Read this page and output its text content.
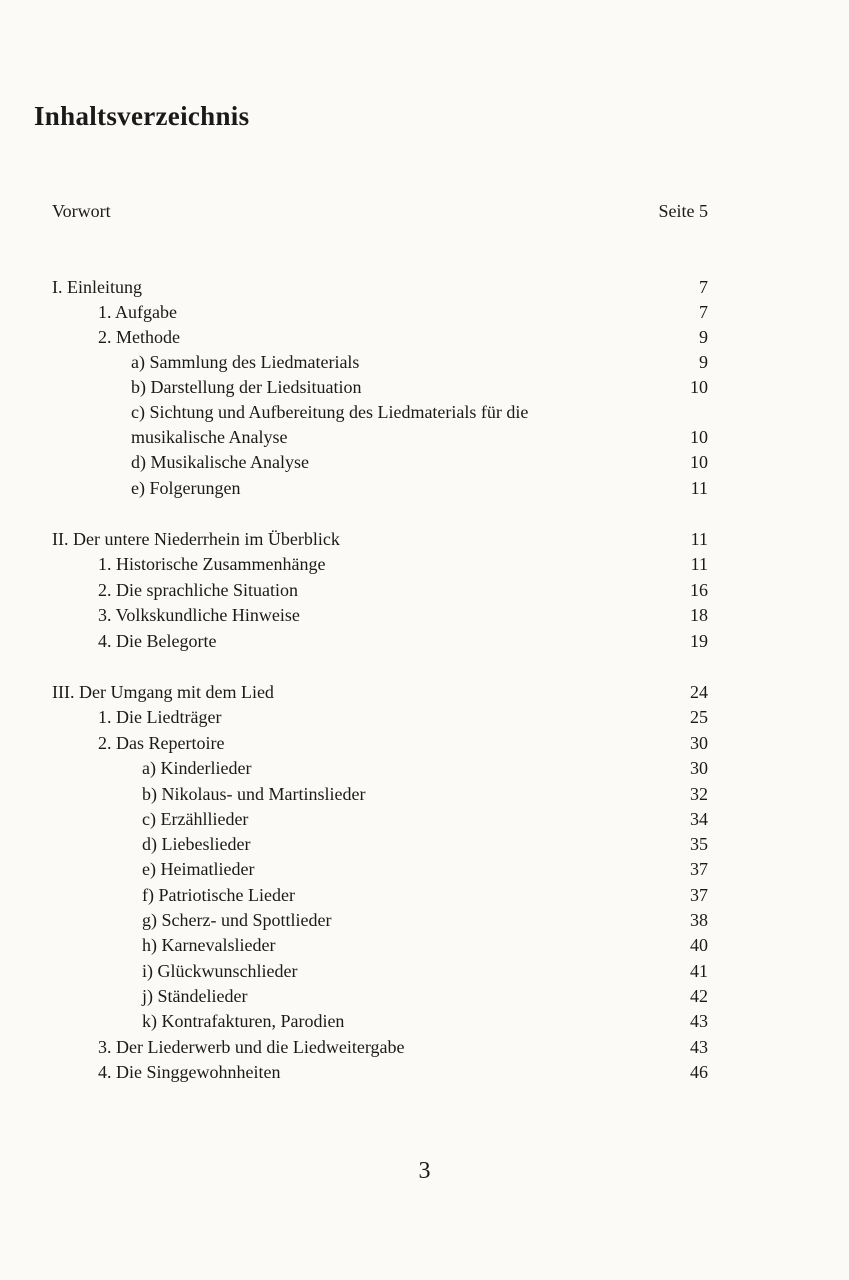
Inhaltsverzeichnis
Vorwort	Seite 5
I. Einleitung	7
1. Aufgabe	7
2. Methode	9
a) Sammlung des Liedmaterials	9
b) Darstellung der Liedsituation	10
c) Sichtung und Aufbereitung des Liedmaterials für die
musikalische Analyse	10
d) Musikalische Analyse	10
e) Folgerungen	11
II. Der untere Niederrhein im Überblick	11
1. Historische Zusammenhänge	11
2. Die sprachliche Situation	16
3. Volkskundliche Hinweise	18
4. Die Belegorte	19
III. Der Umgang mit dem Lied	24
1. Die Liedträger	25
2. Das Repertoire	30
a) Kinderlieder	30
b) Nikolaus- und Martinslieder	32
c) Erzähllieder	34
d) Liebeslieder	35
e) Heimatlieder	37
f) Patriotische Lieder	37
g) Scherz- und Spottlieder	38
h) Karnevalslieder	40
i) Glückwunschlieder	41
j) Ständelieder	42
k) Kontrafakturen, Parodien	43
3. Der Liederwerb und die Liedweitergabe	43
4. Die Singgewohnheiten	46
3
